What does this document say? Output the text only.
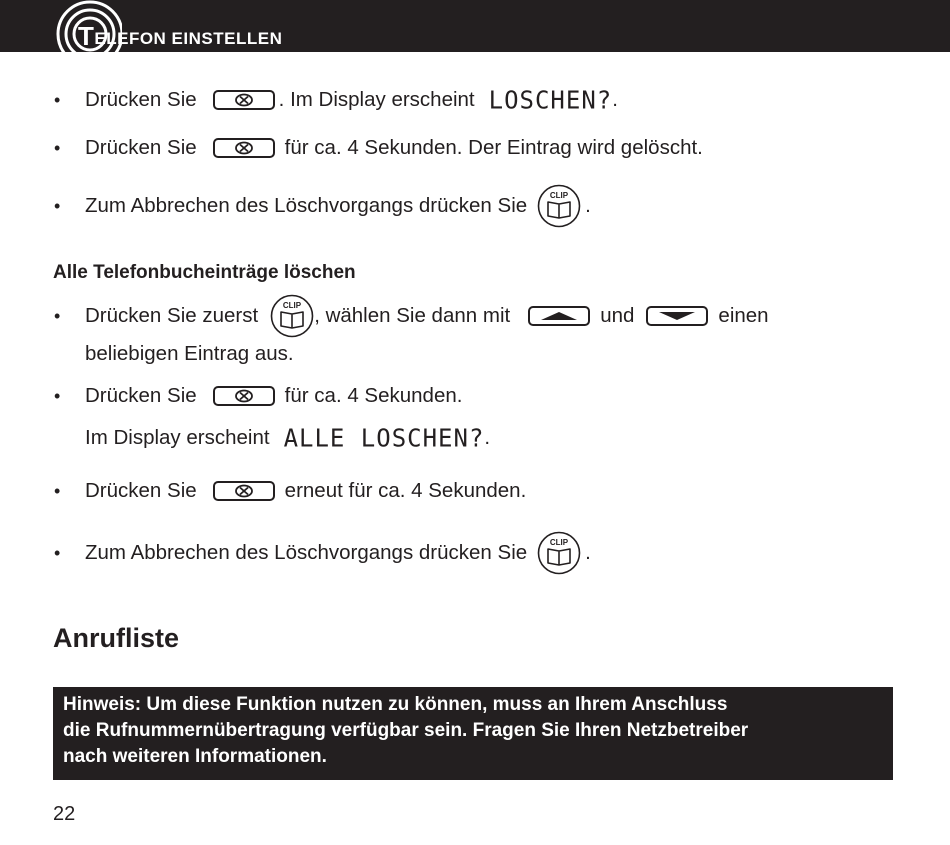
TELEFON EINSTELLEN
• Drücken Sie	. Im Display erscheint LOSCHEN? .
• Drücken Sie	für ca. 4 Sekunden. Der Eintrag wird gelöscht.
• Zum Abbrechen des Löschvorgangs drücken Sie	CLIP .
Alle Telefonbucheinträge löschen
• Drücken Sie zuerst	CLIP , wählen Sie dann mit	und	einen
beliebigen Eintrag aus.
• Drücken Sie	für ca. 4 Sekunden.
Im Display erscheint ALLE LOSCHEN? .
• Drücken Sie	erneut für ca. 4 Sekunden.
• Zum Abbrechen des Löschvorgangs drücken Sie	CLIP .
Anrufliste
Hinweis: Um diese Funktion nutzen zu können, muss an Ihrem Anschluss
die Rufnummernübertragung verfügbar sein. Fragen Sie Ihren Netzbetreiber
nach weiteren Informationen.
22
